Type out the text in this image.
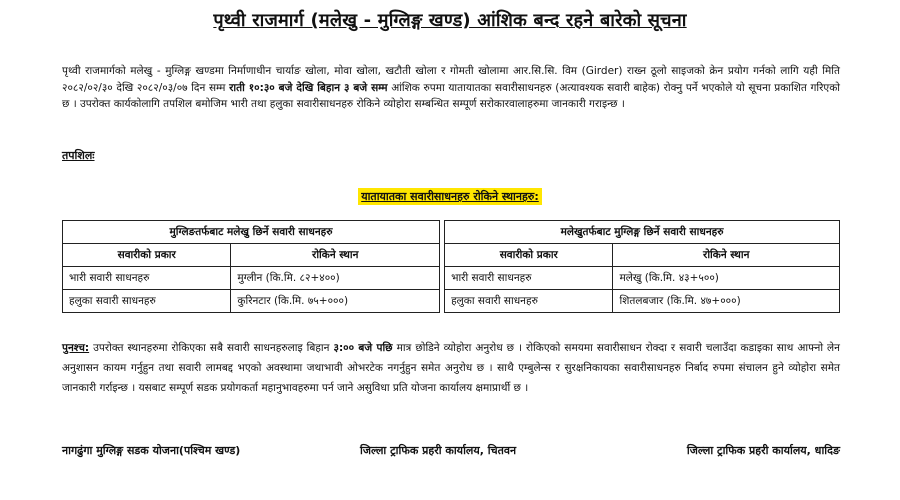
पृथ्वी राजमार्ग (मलेखु - मुग्लिङ्ग खण्ड) आंशिक बन्द रहने बारेको सूचना
पृथ्वी राजमार्गको मलेखु - मुग्लिङ्ग खण्डमा निर्माणाधीन चार्याङ खोला, मोवा खोला, खटौती खोला र गोमती खोलामा आर.सि.सि. विम (Girder) राख्न ठूलो साइजको क्रेन प्रयोग गर्नको लागि यही मिति २०८२/०२/३० देखि २०८२/०३/०७ दिन सम्म राती १०:३० बजे देखि बिहान ३ बजे सम्म आंशिक रुपमा यातायातका सवारीसाधनहरु (अत्यावश्यक सवारी बाहेक) रोक्नु पर्ने भएकोले यो सूचना प्रकाशित गरिएको छ । उपरोक्त कार्यकोलागि तपशिल बमोजिम भारी तथा हलुका सवारीसाधनहरु रोकिने व्योहोरा सम्बन्धित सम्पूर्ण सरोकारवालाहरुमा जानकारी गराइन्छ ।
तपशिलः
यातायातका सवारीसाधनहरु रोकिने स्थानहरु:
मुग्लिङतर्फबाट मलेखु छिर्ने सवारी साधनहरु			मलेखुतर्फबाट मुग्लिङ्ग छिर्ने सवारी साधनहरु	
सवारीको प्रकार	रोकिने स्थान		सवारीको प्रकार	रोकिने स्थान
भारी सवारी साधनहरु	मुग्लीन (कि.मि. ८२+४००)		भारी सवारी साधनहरु	मलेखु (कि.मि. ४३+५००)
हलुका सवारी साधनहरु	कुरिनटार (कि.मि. ७५+०००)		हलुका सवारी साधनहरु	शितलबजार (कि.मि. ४७+०००)
पुनश्च: उपरोक्त स्थानहरुमा रोकिएका सबै सवारी साधनहरुलाइ बिहान ३:०० बजे पछि मात्र छोडिने व्योहोरा अनुरोध छ । रोकिएको समयमा सवारीसाधन रोक्दा र सवारी चलाउँदा कडाइका साथ आफ्नो लेन अनुशासन कायम गर्नुहुन तथा सवारी लामबद्द भएको अवस्थामा जथाभावी ओभरटेक नगर्नुहुन समेत अनुरोध छ । साथै एम्बुलेन्स र सुरक्षनिकायका सवारीसाधनहरु निर्बाद रुपमा संचालन हुने व्योहोरा समेत जानकारी गर्राइन्छ । यसबाट सम्पूर्ण सडक प्रयोगकर्ता महानुभावहरुमा पर्न जाने असुविधा प्रति योजना कार्यालय क्षमाप्रार्थी छ ।
नागढुंगा मुग्लिङ्ग सडक योजना(पश्चिम खण्ड)	जिल्ला ट्राफिक प्रहरी कार्यालय, चितवन	जिल्ला ट्राफिक प्रहरी कार्यालय, धादिङ
